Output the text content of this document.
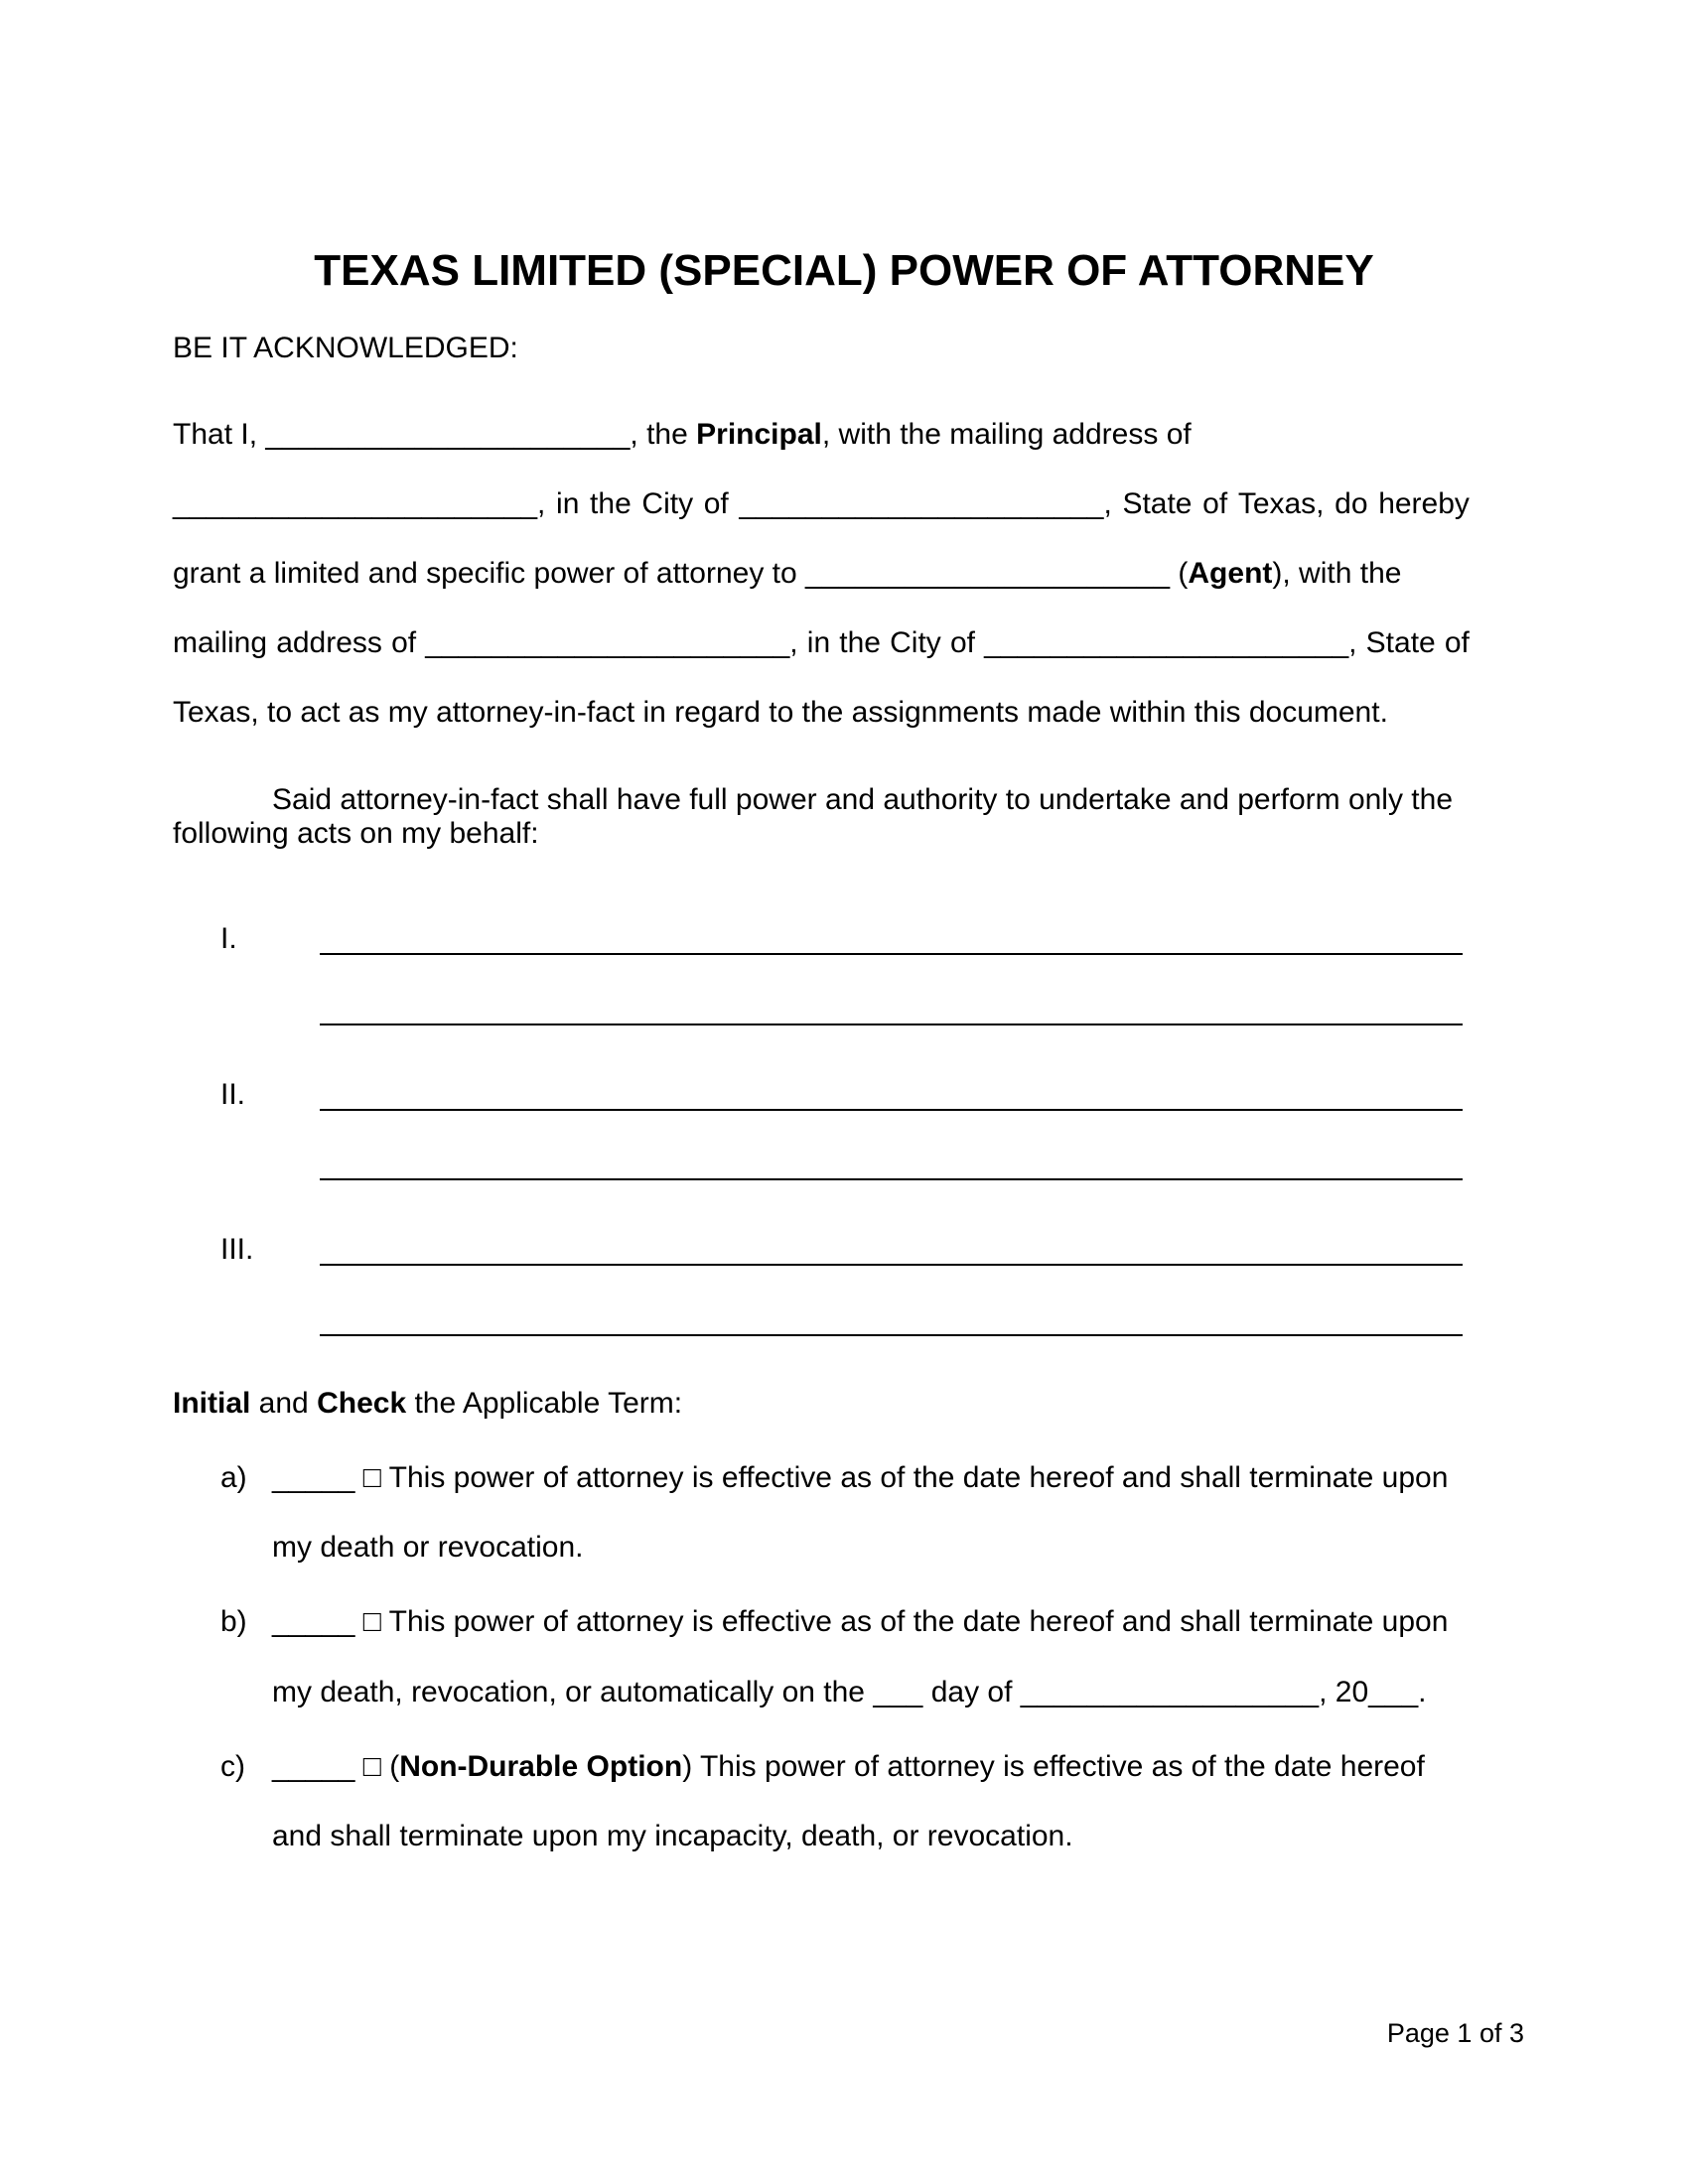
TEXAS LIMITED (SPECIAL) POWER OF ATTORNEY
BE IT ACKNOWLEDGED:
That I, ______________________, the Principal, with the mailing address of
______________________, in the City of ______________________, State of Texas, do hereby
grant a limited and specific power of attorney to ______________________ (Agent), with the
mailing address of ______________________, in the City of ______________________, State of
Texas, to act as my attorney-in-fact in regard to the assignments made within this document.
Said attorney-in-fact shall have full power and authority to undertake and perform only the
following acts on my behalf:
I.
II.
III.
Initial and Check the Applicable Term:
a) _____ □ This power of attorney is effective as of the date hereof and shall terminate upon
my death or revocation.
b) _____ □ This power of attorney is effective as of the date hereof and shall terminate upon
my death, revocation, or automatically on the ___ day of __________________, 20___.
c) _____ □ (Non-Durable Option) This power of attorney is effective as of the date hereof
and shall terminate upon my incapacity, death, or revocation.
Page 1 of 3
